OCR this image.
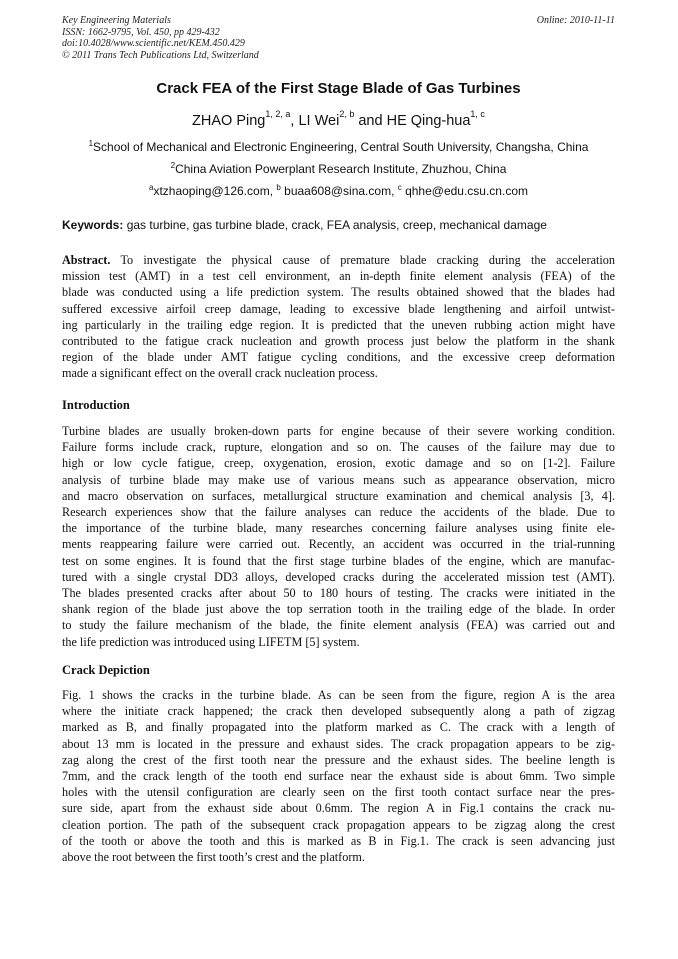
Key Engineering Materials
ISSN: 1662-9795, Vol. 450, pp 429-432
doi:10.4028/www.scientific.net/KEM.450.429
© 2011 Trans Tech Publications Ltd, Switzerland
Online: 2010-11-11
Crack FEA of the First Stage Blade of Gas Turbines
ZHAO Ping$^{1, 2, a}$, LI Wei$^{2, b}$ and HE Qing-hua$^{1, c}$
$^1$School of Mechanical and Electronic Engineering, Central South University, Changsha, China
$^2$China Aviation Powerplant Research Institute, Zhuzhou, China
$^a$xtzhaoping@126.com, $^b$ buaa608@sina.com, $^c$ qhhe@edu.csu.cn.com
Keywords: gas turbine, gas turbine blade, crack, FEA analysis, creep, mechanical damage
Abstract. To investigate the physical cause of premature blade cracking during the acceleration
mission test (AMT) in a test cell environment, an in-depth finite element analysis (FEA) of the
blade was conducted using a life prediction system. The results obtained showed that the blades had
suffered excessive airfoil creep damage, leading to excessive blade lengthening and airfoil untwist-
ing particularly in the trailing edge region. It is predicted that the uneven rubbing action might have
contributed to the fatigue crack nucleation and growth process just below the platform in the shank
region of the blade under AMT fatigue cycling conditions, and the excessive creep deformation
made a significant effect on the overall crack nucleation process.
Introduction
Turbine blades are usually broken-down parts for engine because of their severe working condition.
Failure forms include crack, rupture, elongation and so on. The causes of the failure may due to
high or low cycle fatigue, creep, oxygenation, erosion, exotic damage and so on [1-2]. Failure
analysis of turbine blade may make use of various means such as appearance observation, micro
and macro observation on surfaces, metallurgical structure examination and chemical analysis [3, 4].
Research experiences show that the failure analyses can reduce the accidents of the blade. Due to
the importance of the turbine blade, many researches concerning failure analyses using finite ele-
ments reappearing failure were carried out. Recently, an accident was occurred in the trial-running
test on some engines. It is found that the first stage turbine blades of the engine, which are manufac-
tured with a single crystal DD3 alloys, developed cracks during the accelerated mission test (AMT).
The blades presented cracks after about 50 to 180 hours of testing. The cracks were initiated in the
shank region of the blade just above the top serration tooth in the trailing edge of the blade. In order
to study the failure mechanism of the blade, the finite element analysis (FEA) was carried out and
the life prediction was introduced using LIFETM [5] system.
Crack Depiction
Fig. 1 shows the cracks in the turbine blade. As can be seen from the figure, region A is the area
where the initiate crack happened; the crack then developed subsequently along a path of zigzag
marked as B, and finally propagated into the platform marked as C. The crack with a length of
about 13 mm is located in the pressure and exhaust sides. The crack propagation appears to be zig-
zag along the crest of the first tooth near the pressure and the exhaust sides. The beeline length is
7mm, and the crack length of the tooth end surface near the exhaust side is about 6mm. Two simple
holes with the utensil configuration are clearly seen on the first tooth contact surface near the pres-
sure side, apart from the exhaust side about 0.6mm. The region A in Fig.1 contains the crack nu-
cleation portion. The path of the subsequent crack propagation appears to be zigzag along the crest
of the tooth or above the tooth and this is marked as B in Fig.1. The crack is seen advancing just
above the root between the first tooth’s crest and the platform.
